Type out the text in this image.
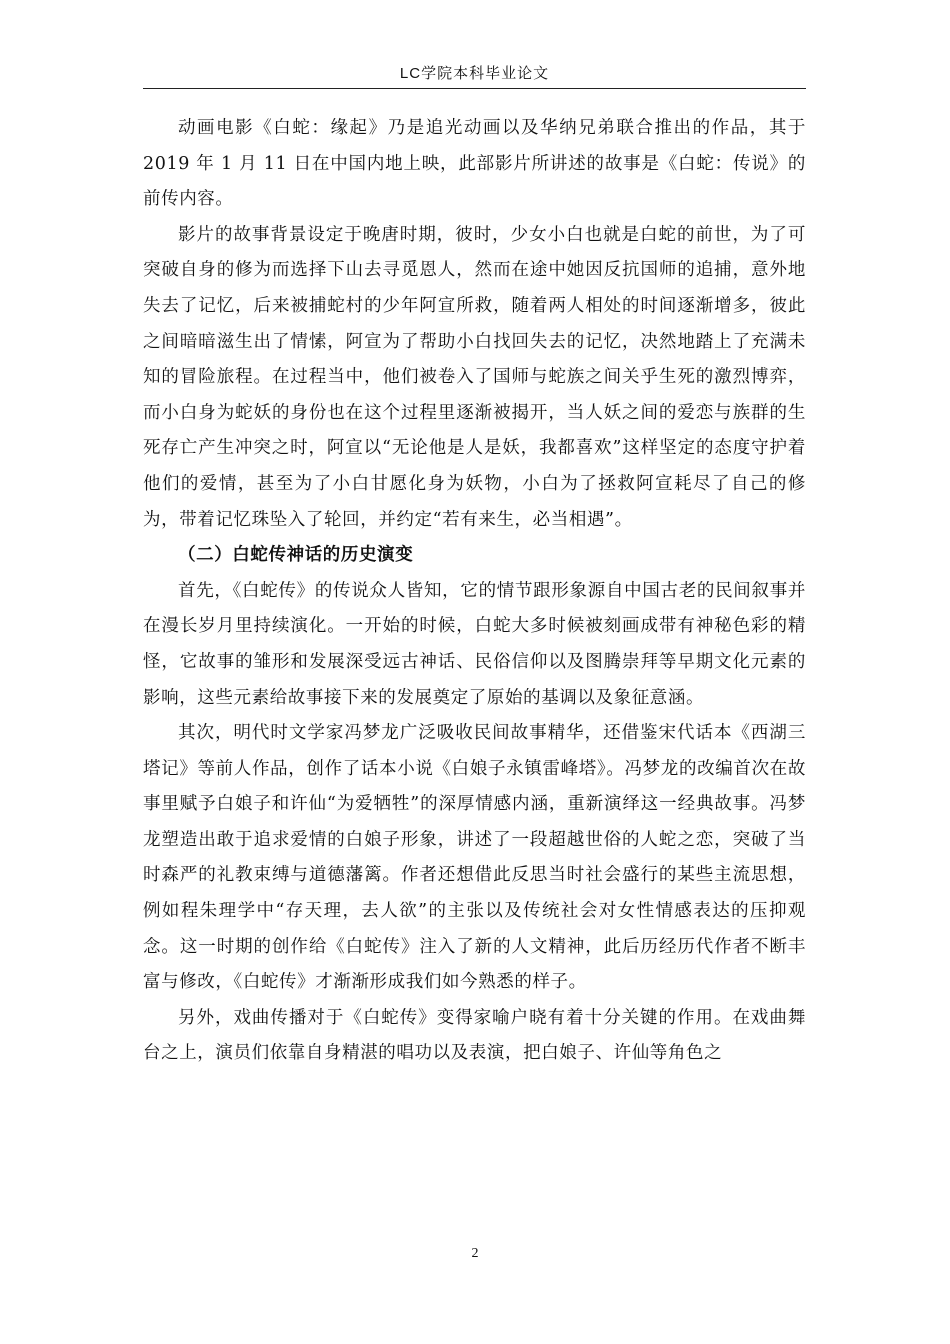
LC学院本科毕业论文

动画电影《白蛇：缘起》乃是追光动画以及华纳兄弟联合推出的作品，其于 2019 年 1 月 11 日在中国内地上映，此部影片所讲述的故事是《白蛇：传说》的前传内容。

影片的故事背景设定于晚唐时期，彼时，少女小白也就是白蛇的前世，为了可突破自身的修为而选择下山去寻觅恩人，然而在途中她因反抗国师的追捕，意外地失去了记忆，后来被捕蛇村的少年阿宣所救，随着两人相处的时间逐渐增多，彼此之间暗暗滋生出了情愫，阿宣为了帮助小白找回失去的记忆，决然地踏上了充满未知的冒险旅程。在过程当中，他们被卷入了国师与蛇族之间关乎生死的激烈博弈，而小白身为蛇妖的身份也在这个过程里逐渐被揭开，当人妖之间的爱恋与族群的生死存亡产生冲突之时，阿宣以“无论他是人是妖，我都喜欢”这样坚定的态度守护着他们的爱情，甚至为了小白甘愿化身为妖物，小白为了拯救阿宣耗尽了自己的修为，带着记忆珠坠入了轮回，并约定“若有来生，必当相遇”。

（二）白蛇传神话的历史演变

首先，《白蛇传》的传说众人皆知，它的情节跟形象源自中国古老的民间叙事并在漫长岁月里持续演化。一开始的时候，白蛇大多时候被刻画成带有神秘色彩的精怪，它故事的雏形和发展深受远古神话、民俗信仰以及图腾崇拜等早期文化元素的影响，这些元素给故事接下来的发展奠定了原始的基调以及象征意涵。

其次，明代时文学家冯梦龙广泛吸收民间故事精华，还借鉴宋代话本《西湖三塔记》等前人作品，创作了话本小说《白娘子永镇雷峰塔》。冯梦龙的改编首次在故事里赋予白娘子和许仙“为爱牺牲”的深厚情感内涵，重新演绎这一经典故事。冯梦龙塑造出敢于追求爱情的白娘子形象，讲述了一段超越世俗的人蛇之恋，突破了当时森严的礼教束缚与道德藩篱。作者还想借此反思当时社会盛行的某些主流思想，例如程朱理学中“存天理，去人欲”的主张以及传统社会对女性情感表达的压抑观念。这一时期的创作给《白蛇传》注入了新的人文精神，此后历经历代作者不断丰富与修改，《白蛇传》才渐渐形成我们如今熟悉的样子。

另外，戏曲传播对于《白蛇传》变得家喻户晓有着十分关键的作用。在戏曲舞台之上，演员们依靠自身精湛的唱功以及表演，把白娘子、许仙等角色之

2
